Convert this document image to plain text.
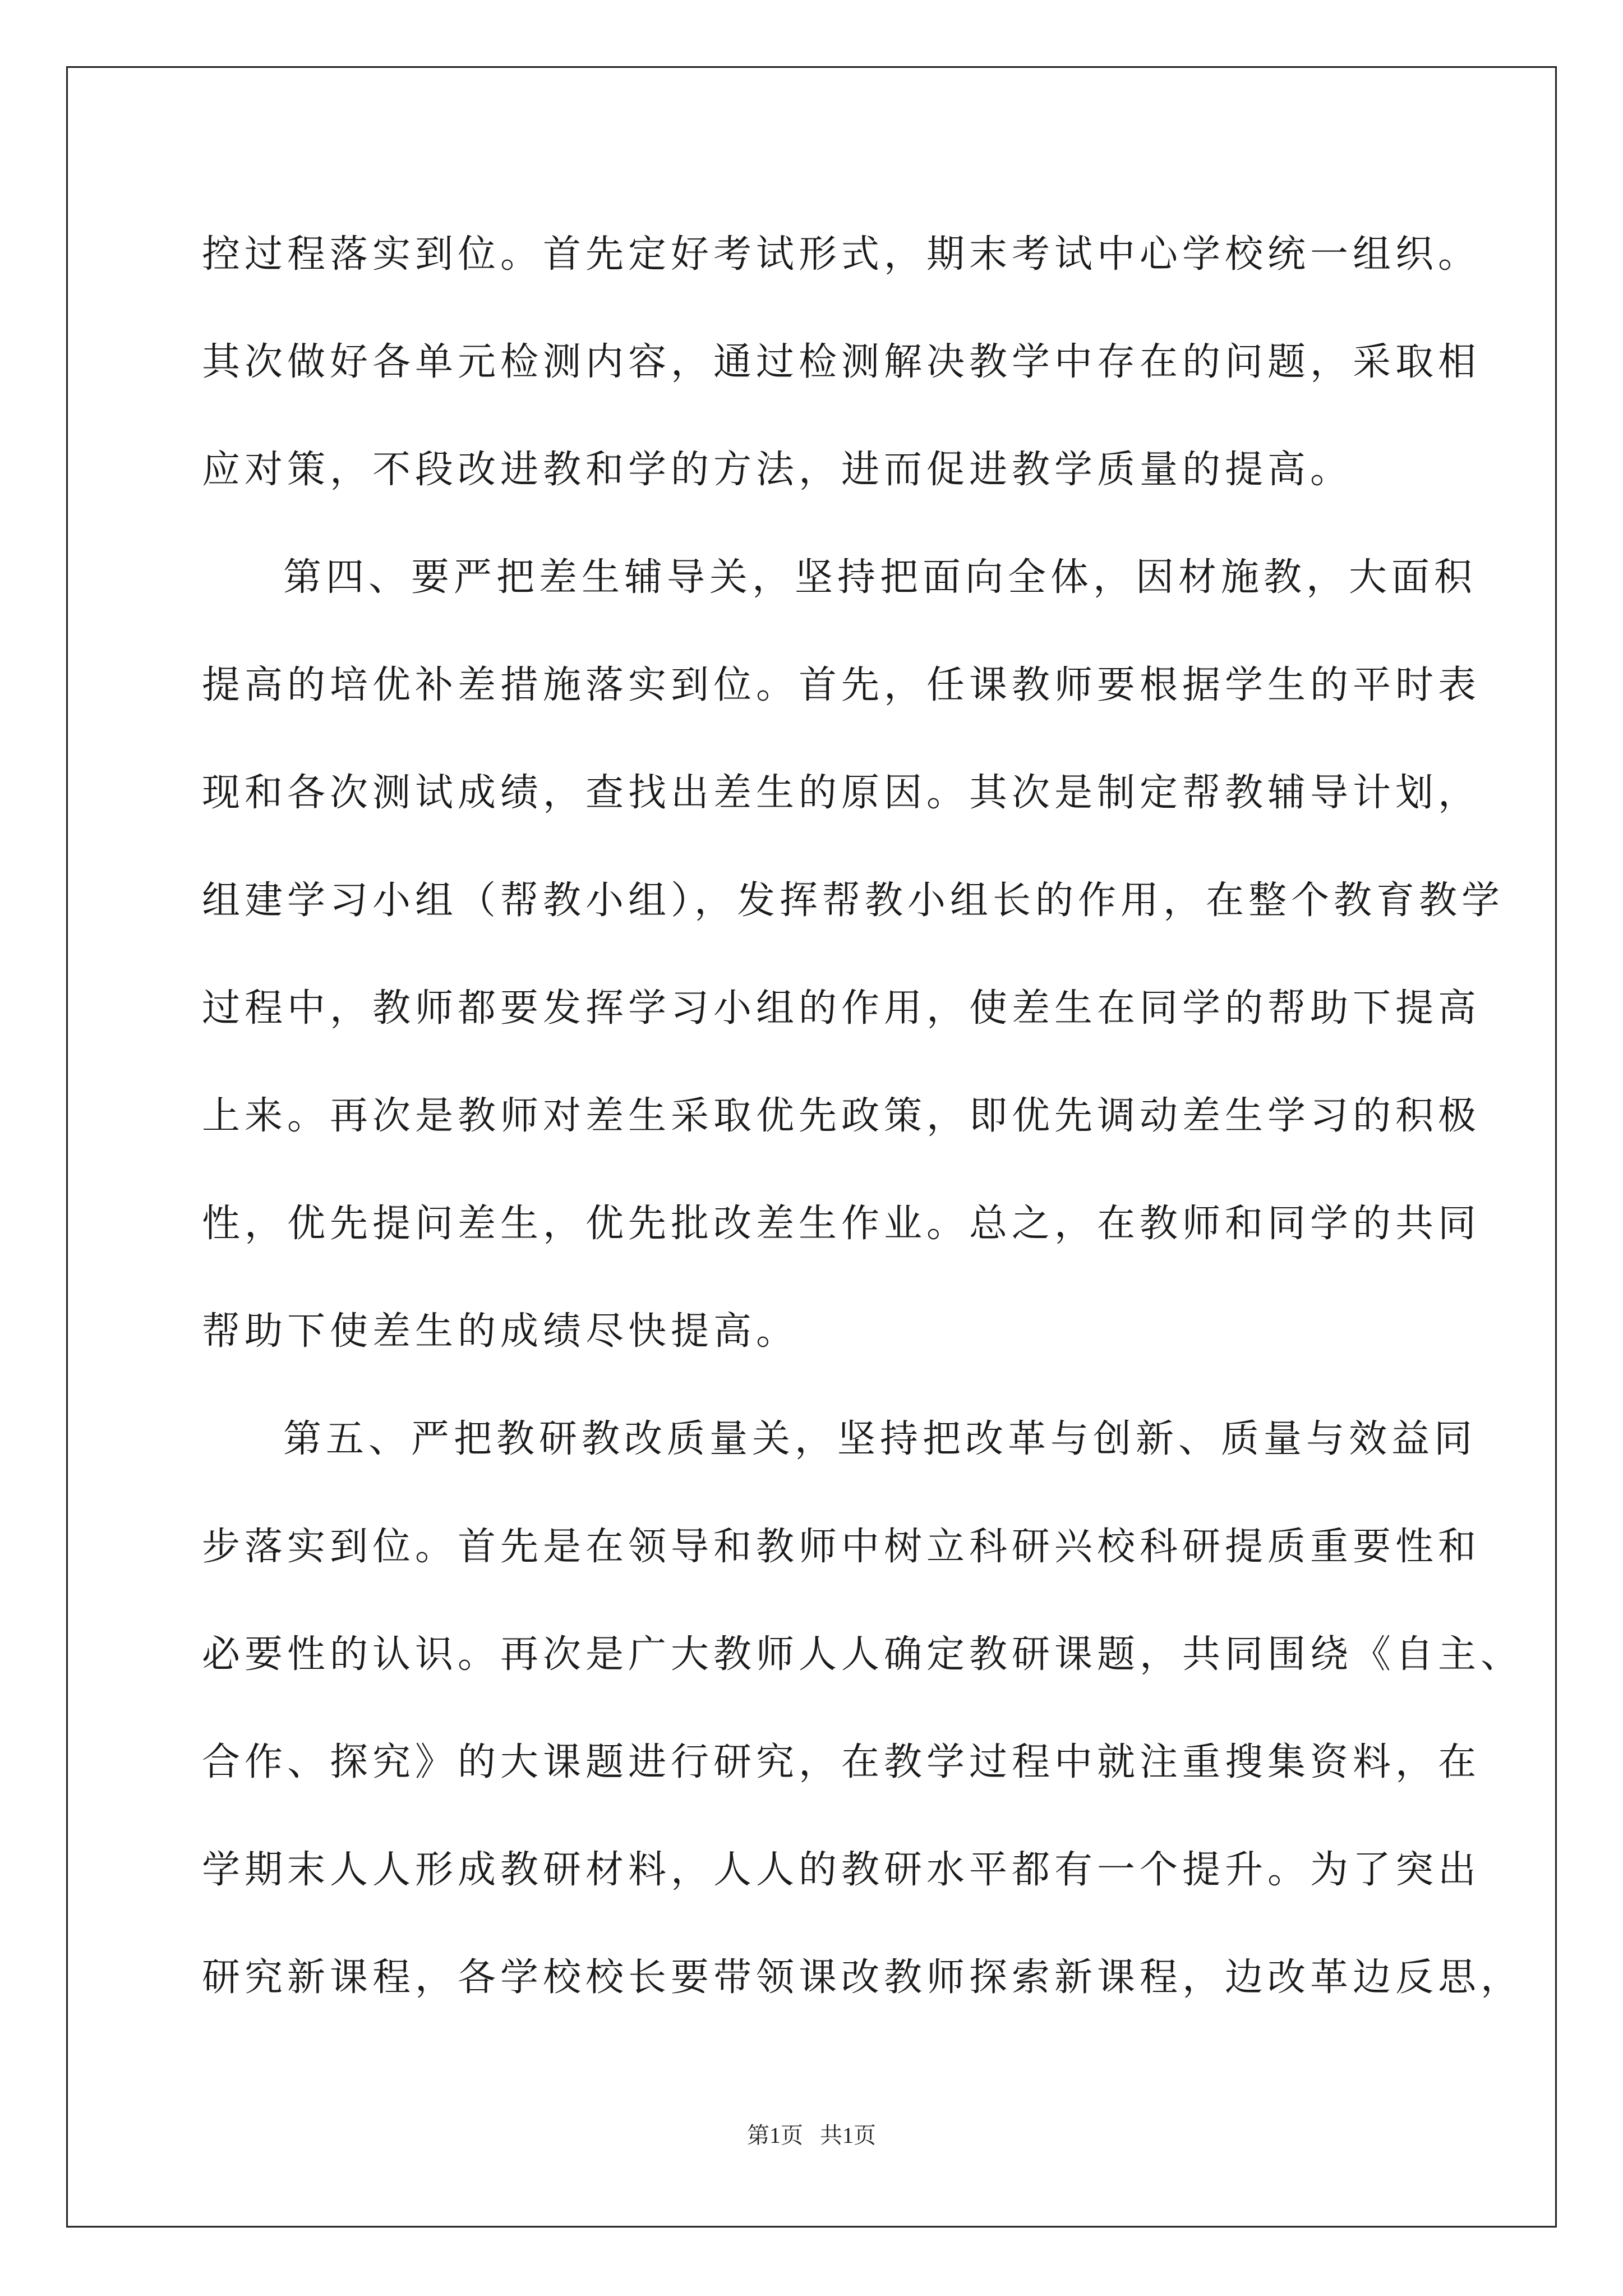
控过程落实到位。首先定好考试形式，期末考试中心学校统一组织。
其次做好各单元检测内容，通过检测解决教学中存在的问题，采取相
应对策，不段改进教和学的方法，进而促进教学质量的提高。
第四、要严把差生辅导关，坚持把面向全体，因材施教，大面积
提高的培优补差措施落实到位。首先，任课教师要根据学生的平时表
现和各次测试成绩，查找出差生的原因。其次是制定帮教辅导计划，
组建学习小组（帮教小组），发挥帮教小组长的作用，在整个教育教学
过程中，教师都要发挥学习小组的作用，使差生在同学的帮助下提高
上来。再次是教师对差生采取优先政策，即优先调动差生学习的积极
性，优先提问差生，优先批改差生作业。总之，在教师和同学的共同
帮助下使差生的成绩尽快提高。
第五、严把教研教改质量关，坚持把改革与创新、质量与效益同
步落实到位。首先是在领导和教师中树立科研兴校科研提质重要性和
必要性的认识。再次是广大教师人人确定教研课题，共同围绕《自主、
合作、探究》的大课题进行研究，在教学过程中就注重搜集资料，在
学期末人人形成教研材料，人人的教研水平都有一个提升。为了突出
研究新课程，各学校校长要带领课改教师探索新课程，边改革边反思，
第1页   共1页
